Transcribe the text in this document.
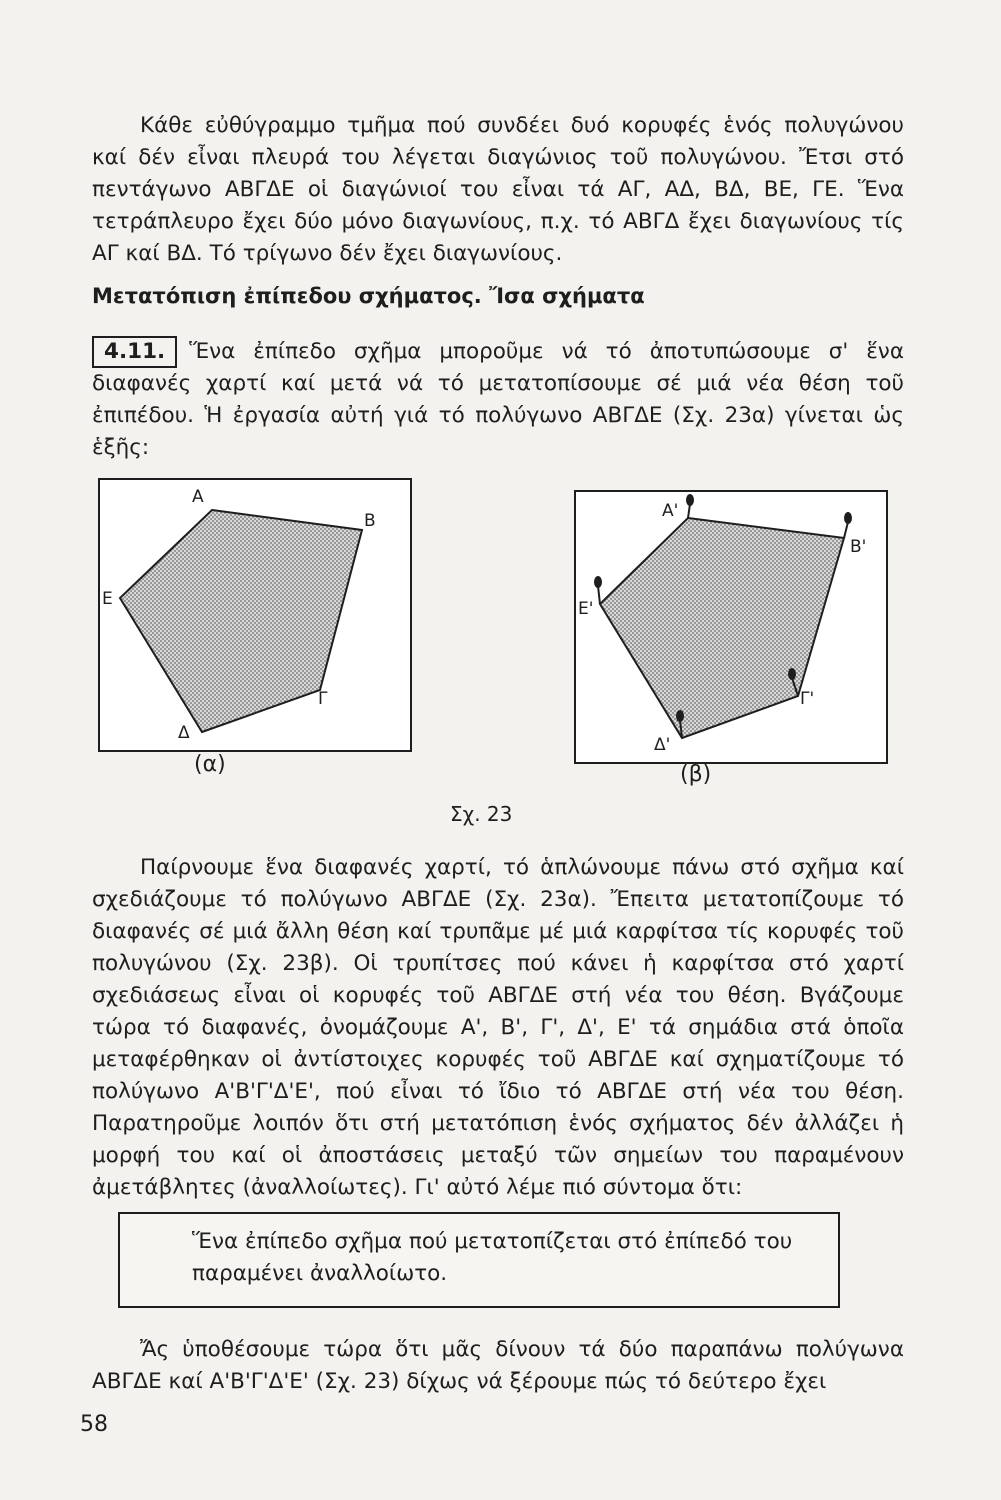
Κάθε εὐθύγραμμο τμῆμα πού συνδέει δυό κορυφές ἑνός πολυγώνου καί δέν εἶναι πλευρά του λέγεται διαγώνιος τοῦ πολυγώνου. Ἔτσι στό πεντάγωνο ΑΒΓΔΕ οἱ διαγώνιοί του εἶναι τά ΑΓ, ΑΔ, ΒΔ, ΒΕ, ΓΕ. Ἕνα τετράπλευρο ἔχει δύο μόνο διαγωνίους, π.χ. τό ΑΒΓΔ ἔχει διαγωνίους τίς ΑΓ καί ΒΔ. Τό τρίγωνο δέν ἔχει διαγωνίους.

Μετατόπιση ἐπίπεδου σχήματος. Ἴσα σχήματα

4.11. Ἕνα ἐπίπεδο σχῆμα μποροῦμε νά τό ἀποτυπώσουμε σ' ἕνα διαφανές χαρτί καί μετά νά τό μετατοπίσουμε σέ μιά νέα θέση τοῦ ἐπιπέδου. Ἡ ἐργασία αὐτή γιά τό πολύγωνο ΑΒΓΔΕ (Σχ. 23α) γίνεται ὡς ἑξῆς:

Α
Β
Γ
Δ
Ε
(α)
Α'
Β'
Γ'
Δ'
Ε'
(β)
Σχ. 23

Παίρνουμε ἕνα διαφανές χαρτί, τό ἁπλώνουμε πάνω στό σχῆμα καί σχεδιάζουμε τό πολύγωνο ΑΒΓΔΕ (Σχ. 23α). Ἔπειτα μετατοπίζουμε τό διαφανές σέ μιά ἄλλη θέση καί τρυπᾶμε μέ μιά καρφίτσα τίς κορυφές τοῦ πολυγώνου (Σχ. 23β). Οἱ τρυπίτσες πού κάνει ἡ καρφίτσα στό χαρτί σχεδιάσεως εἶναι οἱ κορυφές τοῦ ΑΒΓΔΕ στή νέα του θέση. Βγάζουμε τώρα τό διαφανές, ὀνομάζουμε Α', Β', Γ', Δ', Ε' τά σημάδια στά ὁποῖα μεταφέρθηκαν οἱ ἀντίστοιχες κορυφές τοῦ ΑΒΓΔΕ καί σχηματίζουμε τό πολύγωνο Α'Β'Γ'Δ'Ε', πού εἶναι τό ἴδιο τό ΑΒΓΔΕ στή νέα του θέση. Παρατηροῦμε λοιπόν ὅτι στή μετατόπιση ἑνός σχήματος δέν ἀλλάζει ἡ μορφή του καί οἱ ἀποστάσεις μεταξύ τῶν σημείων του παραμένουν ἀμετάβλητες (ἀναλλοίωτες). Γι' αὐτό λέμε πιό σύντομα ὅτι:

Ἕνα ἐπίπεδο σχῆμα πού μετατοπίζεται στό ἐπίπεδό του παραμένει ἀναλλοίωτο.

Ἄς ὑποθέσουμε τώρα ὅτι μᾶς δίνουν τά δύο παραπάνω πολύγωνα ΑΒΓΔΕ καί Α'Β'Γ'Δ'Ε' (Σχ. 23) δίχως νά ξέρουμε πώς τό δεύτερο ἔχει

58
